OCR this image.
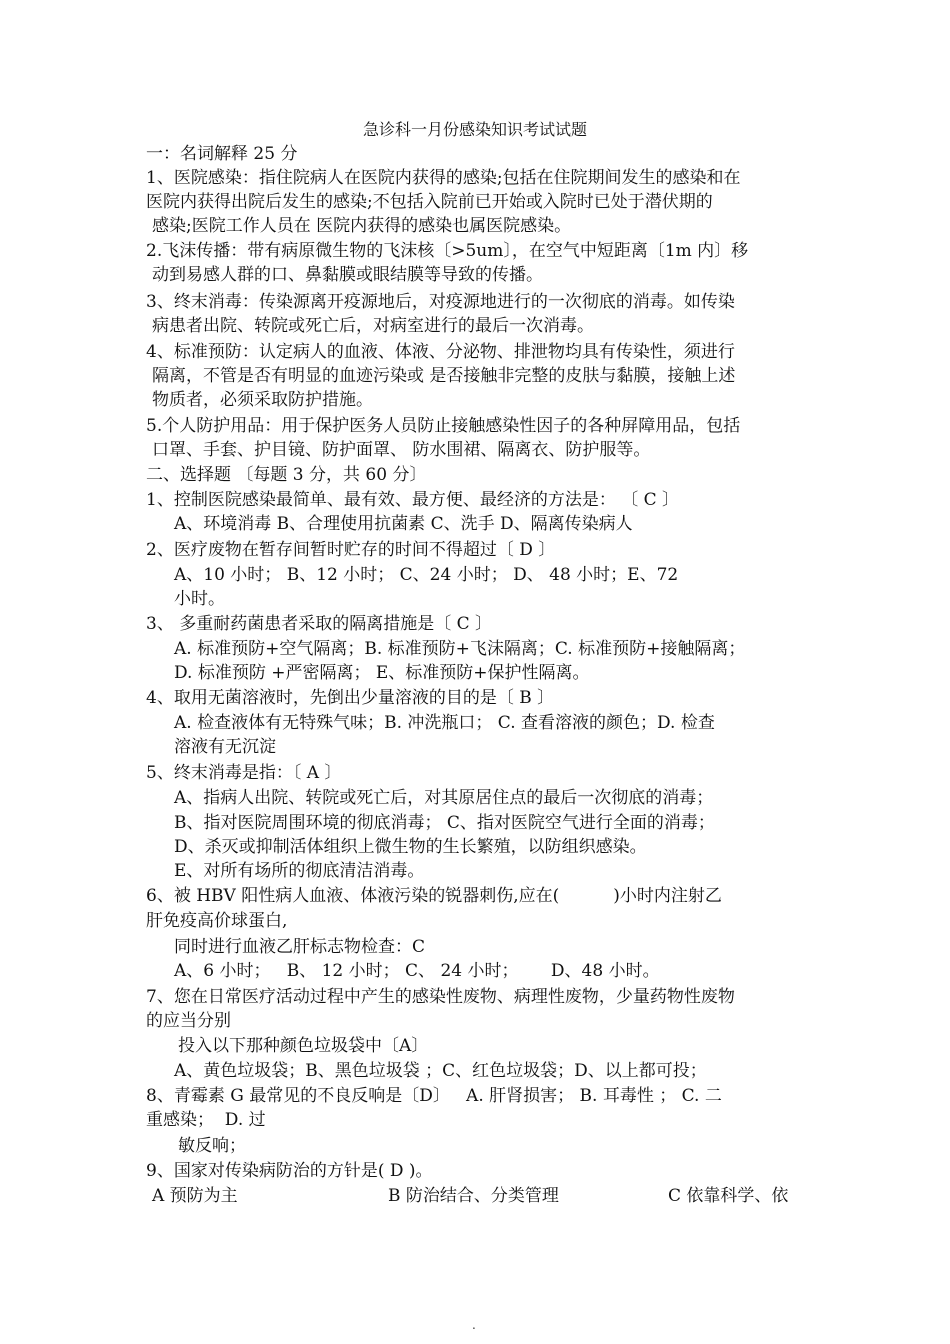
急诊科一月份感染知识考试试题
一：名词解释 25 分
1、医院感染：指住院病人在医院内获得的感染;包括在住院期间发生的感染和在
医院内获得出院后发生的感染;不包括入院前已开始或入院时已处于潜伏期的
感染;医院工作人员在 医院内获得的感染也属医院感染。
2.飞沫传播：带有病原微生物的飞沫核〔>5um〕，在空气中短距离〔1m 内〕移
动到易感人群的口、鼻黏膜或眼结膜等导致的传播。
3、终末消毒：传染源离开疫源地后，对疫源地进行的一次彻底的消毒。如传染
病患者出院、转院或死亡后，对病室进行的最后一次消毒。
4、标准预防：认定病人的血液、体液、分泌物、排泄物均具有传染性，须进行
隔离，不管是否有明显的血迹污染或 是否接触非完整的皮肤与黏膜，接触上述
物质者，必须采取防护措施。
5.个人防护用品：用于保护医务人员防止接触感染性因子的各种屏障用品，包括
口罩、手套、护目镜、防护面罩、 防水围裙、隔离衣、防护服等。
二、选择题 〔每题 3 分，共 60 分〕
1、控制医院感染最简单、最有效、最方便、最经济的方法是： 〔 C 〕
A、环境消毒 B、合理使用抗菌素 C、洗手 D、隔离传染病人
2、医疗废物在暂存间暂时贮存的时间不得超过〔 D 〕
A、10 小时； B、12 小时； C、24 小时； D、 48 小时；E、72
小时。
3、 多重耐药菌患者采取的隔离措施是〔 C 〕
A. 标准预防+空气隔离；B. 标准预防+飞沫隔离；C. 标准预防+接触隔离；
D. 标准预防 +严密隔离； E、标准预防+保护性隔离。
4、取用无菌溶液时，先倒出少量溶液的目的是〔 B 〕
A. 检查液体有无特殊气味；B. 冲洗瓶口； C. 查看溶液的颜色；D. 检查
溶液有无沉淀
5、终末消毒是指：〔 A 〕
A、指病人出院、转院或死亡后，对其原居住点的最后一次彻底的消毒；
B、指对医院周围环境的彻底消毒； C、指对医院空气进行全面的消毒；
D、杀灭或抑制活体组织上微生物的生长繁殖，以防组织感染。
E、对所有场所的彻底清洁消毒。
6、被 HBV 阳性病人血液、体液污染的锐器刺伤,应在(          )小时内注射乙
肝免疫高价球蛋白,
同时进行血液乙肝标志物检查：C
A、6 小时；   B、 12 小时； C、 24 小时；      D、48 小时。
7、您在日常医疗活动过程中产生的感染性废物、病理性废物，少量药物性废物
的应当分别
投入以下那种颜色垃圾袋中〔A〕
A、黄色垃圾袋；B、黑色垃圾袋 ；C、红色垃圾袋；D、以上都可投；
8、青霉素 G 最常见的不良反响是〔D〕   A. 肝肾损害； B. 耳毒性 ； C. 二
重感染；  D. 过
敏反响；
9、国家对传染病防治的方针是( D )。
A 预防为主	B 防治结合、分类管理	C 依靠科学、依
.
